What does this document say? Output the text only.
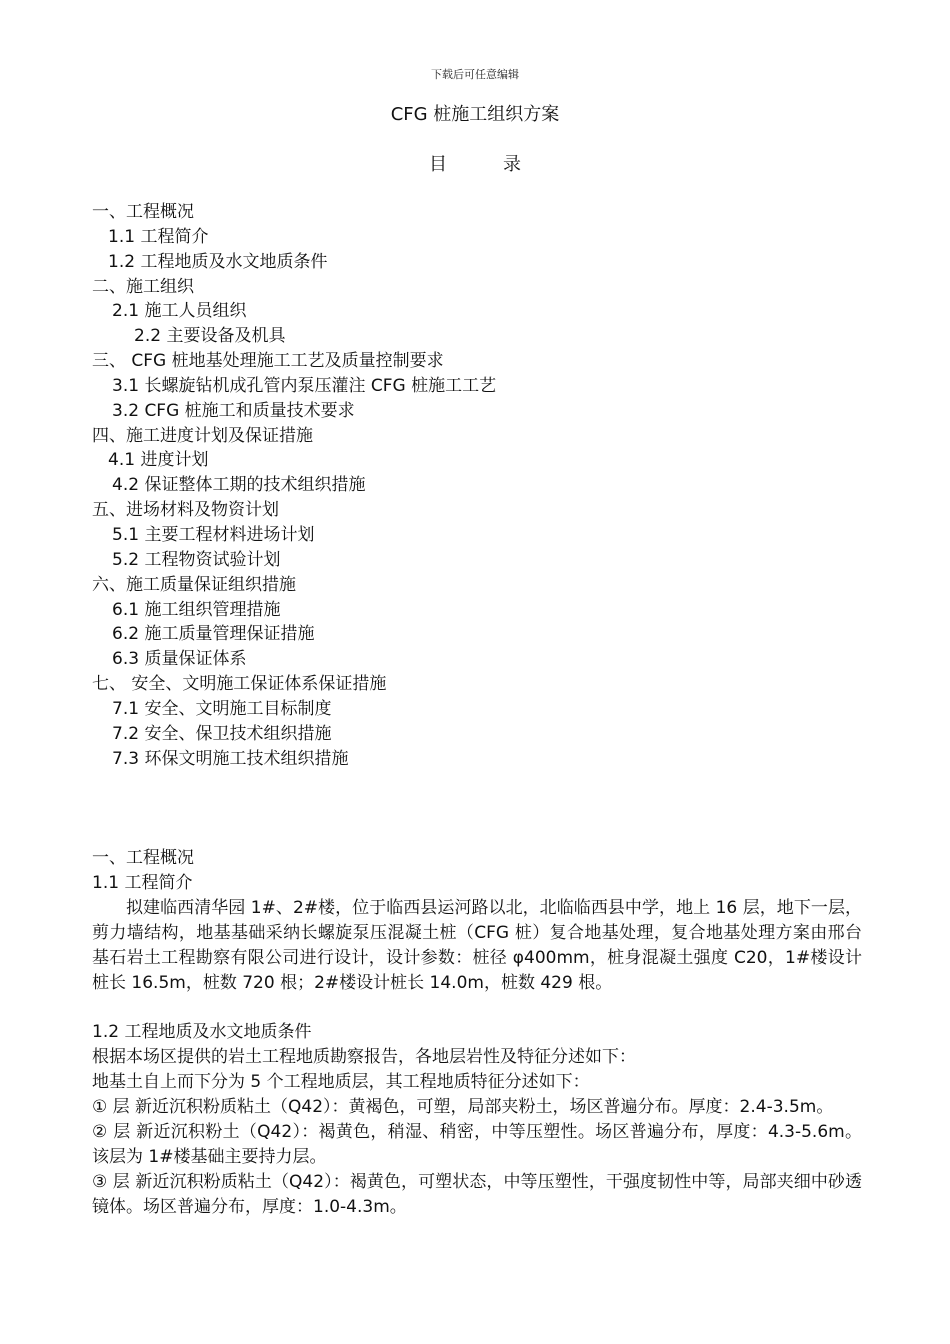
下载后可任意编辑
CFG 桩施工组织方案
目	录
一、工程概况
1.1 工程简介
1.2 工程地质及水文地质条件
二、施工组织
2.1 施工人员组织
2.2 主要设备及机具
三、 CFG 桩地基处理施工工艺及质量控制要求
3.1 长螺旋钻机成孔管内泵压灌注 CFG 桩施工工艺
3.2 CFG 桩施工和质量技术要求
四、施工进度计划及保证措施
4.1 进度计划
4.2 保证整体工期的技术组织措施
五、进场材料及物资计划
5.1 主要工程材料进场计划
5.2 工程物资试验计划
六、施工质量保证组织措施
6.1 施工组织管理措施
6.2 施工质量管理保证措施
6.3 质量保证体系
七、 安全、文明施工保证体系保证措施
7.1 安全、文明施工目标制度
7.2 安全、保卫技术组织措施
7.3 环保文明施工技术组织措施
一、工程概况
1.1 工程简介
拟建临西清华园 1#、2#楼，位于临西县运河路以北，北临临西县中学，地上 16 层，地下一层，剪力墙结构，地基基础采纳长螺旋泵压混凝土桩（CFG 桩）复合地基处理，复合地基处理方案由邢台基石岩土工程勘察有限公司进行设计，设计参数：桩径 φ400mm，桩身混凝土强度 C20，1#楼设计桩长 16.5m，桩数 720 根；2#楼设计桩长 14.0m，桩数 429 根。
1.2 工程地质及水文地质条件
根据本场区提供的岩土工程地质勘察报告，各地层岩性及特征分述如下：
地基土自上而下分为 5 个工程地质层，其工程地质特征分述如下：
① 层 新近沉积粉质粘土（Q42）：黄褐色，可塑，局部夹粉土，场区普遍分布。厚度：2.4-3.5m。
② 层 新近沉积粉土（Q42）：褐黄色，稍湿、稍密，中等压塑性。场区普遍分布，厚度：4.3-5.6m。该层为 1#楼基础主要持力层。
③ 层 新近沉积粉质粘土（Q42）：褐黄色，可塑状态，中等压塑性，干强度韧性中等，局部夹细中砂透镜体。场区普遍分布，厚度：1.0-4.3m。
